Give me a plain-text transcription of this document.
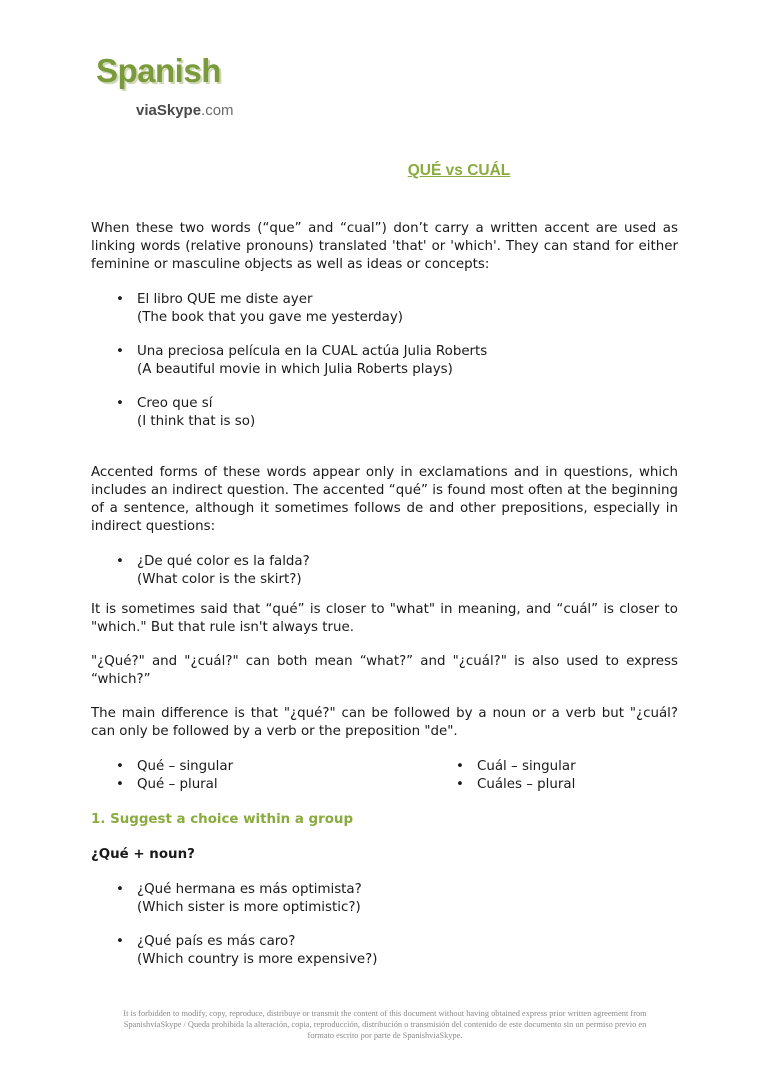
Spanish
viaSkype.com
QUÉ vs CUÁL

When these two words (“que” and “cual”) don’t carry a written accent are used as linking words (relative pronouns) translated 'that' or 'which'. They can stand for either feminine or masculine objects as well as ideas or concepts:

• El libro QUE me diste ayer
(The book that you gave me yesterday)
• Una preciosa película en la CUAL actúa Julia Roberts
(A beautiful movie in which Julia Roberts plays)
• Creo que sí
(I think that is so)

Accented forms of these words appear only in exclamations and in questions, which includes an indirect question. The accented “qué” is found most often at the beginning of a sentence, although it sometimes follows de and other prepositions, especially in indirect questions:

• ¿De qué color es la falda?
(What color is the skirt?)

It is sometimes said that “qué” is closer to "what" in meaning, and “cuál” is closer to "which." But that rule isn't always true.

"¿Qué?" and "¿cuál?" can both mean “what?” and "¿cuál?" is also used to express “which?”

The main difference is that "¿qué?" can be followed by a noun or a verb but "¿cuál? can only be followed by a verb or the preposition "de".

• Qué – singular
• Qué – plural
• Cuál – singular
• Cuáles – plural

1. Suggest a choice within a group

¿Qué + noun?

• ¿Qué hermana es más optimista?
(Which sister is more optimistic?)
• ¿Qué país es más caro?
(Which country is more expensive?)
It is forbidden to modify, copy, reproduce, distribuye or transmit the content of this document without having obtained express prior written agreement from SpanishviaSkype / Queda prohibida la alteración, copia, reproducción, distribución o transmisión del contenido de este documento sin un permiso previo en formato escrito por parte de SpanishviaSkype.
